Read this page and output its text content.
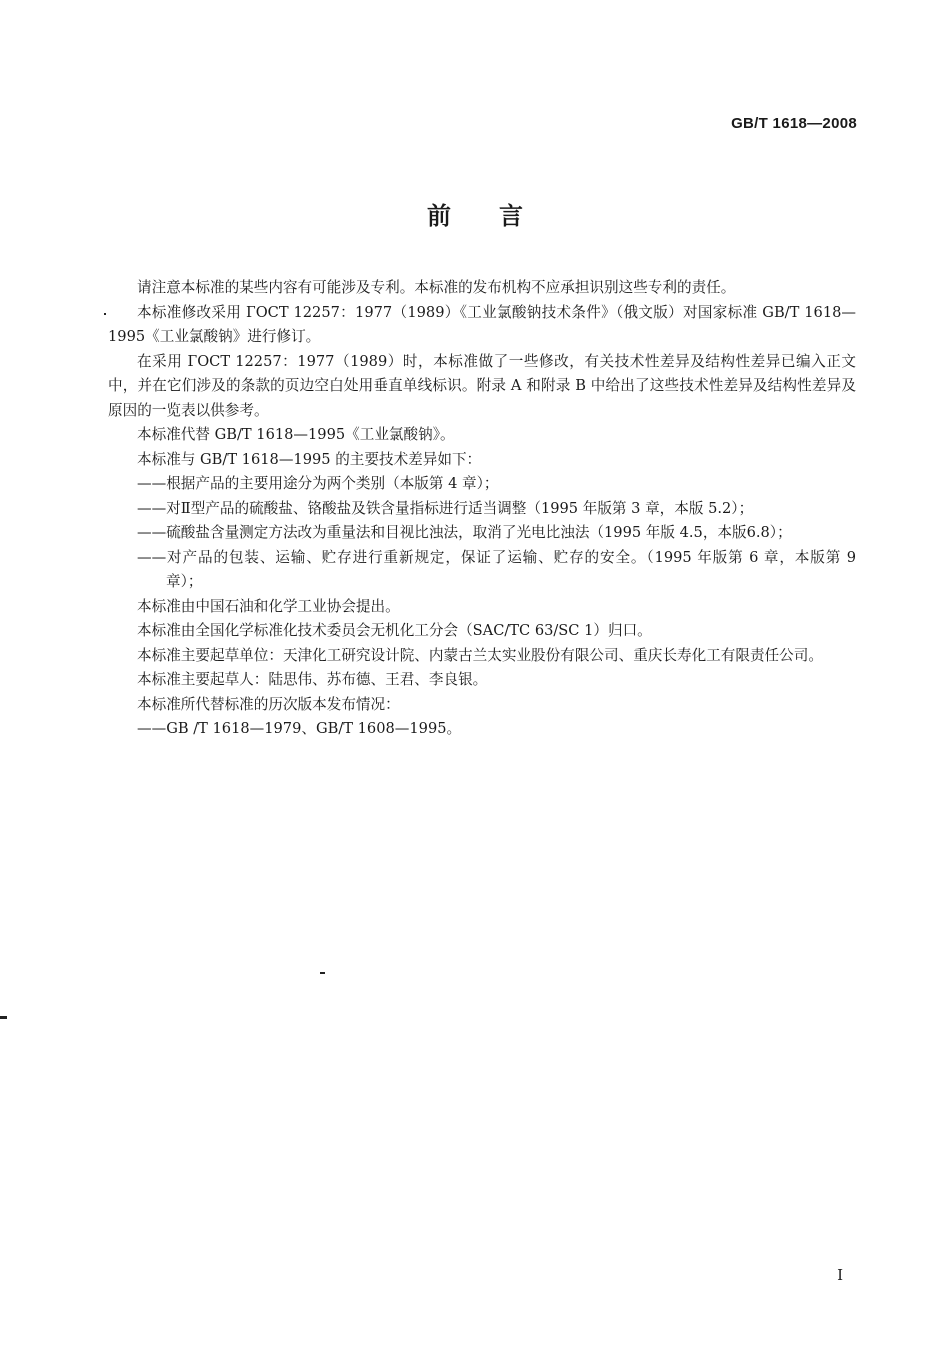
GB/T 1618—2008
前言

请注意本标准的某些内容有可能涉及专利。本标准的发布机构不应承担识别这些专利的责任。

本标准修改采用 ГОСТ 12257：1977（1989）《工业氯酸钠技术条件》（俄文版）对国家标准 GB/T 1618—1995《工业氯酸钠》进行修订。

在采用 ГОСТ 12257：1977（1989）时，本标准做了一些修改，有关技术性差异及结构性差异已编入正文中，并在它们涉及的条款的页边空白处用垂直单线标识。附录 A 和附录 B 中给出了这些技术性差异及结构性差异及原因的一览表以供参考。

本标准代替 GB/T 1618—1995《工业氯酸钠》。

本标准与 GB/T 1618—1995 的主要技术差异如下：

——根据产品的主要用途分为两个类别（本版第 4 章）；

——对Ⅱ型产品的硫酸盐、铬酸盐及铁含量指标进行适当调整（1995 年版第 3 章，本版 5.2）；

——硫酸盐含量测定方法改为重量法和目视比浊法，取消了光电比浊法（1995 年版 4.5，本版6.8）；

——对产品的包装、运输、贮存进行重新规定，保证了运输、贮存的安全。（1995 年版第 6 章，本版第 9 章）；

本标准由中国石油和化学工业协会提出。

本标准由全国化学标准化技术委员会无机化工分会（SAC/TC 63/SC 1）归口。

本标准主要起草单位：天津化工研究设计院、内蒙古兰太实业股份有限公司、重庆长寿化工有限责任公司。

本标准主要起草人：陆思伟、苏布德、王君、李良银。

本标准所代替标准的历次版本发布情况：

——GB /T 1618—1979、GB/T 1608—1995。

I
